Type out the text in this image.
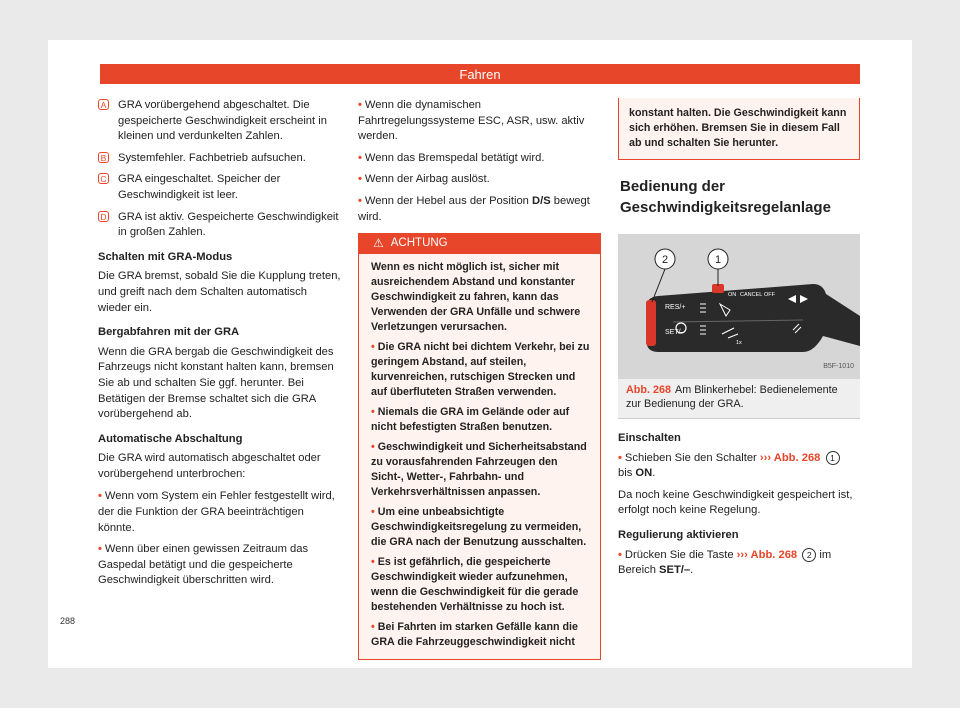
Fahren
A GRA vorübergehend abgeschaltet. Die gespeicherte Geschwindigkeit erscheint in kleinen und verdunkelten Zahlen.
B Systemfehler. Fachbetrieb aufsuchen.
C GRA eingeschaltet. Speicher der Geschwindigkeit ist leer.
D GRA ist aktiv. Gespeicherte Geschwindigkeit in großen Zahlen.
Schalten mit GRA-Modus

Die GRA bremst, sobald Sie die Kupplung treten, und greift nach dem Schalten automatisch wieder ein.

Bergabfahren mit der GRA

Wenn die GRA bergab die Geschwindigkeit des Fahrzeugs nicht konstant halten kann, bremsen Sie ab und schalten Sie ggf. herunter. Bei Betätigen der Bremse schaltet sich die GRA vorübergehend ab.

Automatische Abschaltung

Die GRA wird automatisch abgeschaltet oder vorübergehend unterbrochen:

• Wenn vom System ein Fehler festgestellt wird, der die Funktion der GRA beeinträchtigen könnte.
• Wenn über einen gewissen Zeitraum das Gaspedal betätigt und die gespeicherte Geschwindigkeit überschritten wird.
• Wenn die dynamischen Fahrtregelungssysteme ESC, ASR, usw. aktiv werden.
• Wenn das Bremspedal betätigt wird.
• Wenn der Airbag auslöst.
• Wenn der Hebel aus der Position D/S bewegt wird.
⚠ ACHTUNG

Wenn es nicht möglich ist, sicher mit ausreichendem Abstand und konstanter Geschwindigkeit zu fahren, kann das Verwenden der GRA Unfälle und schwere Verletzungen verursachen.

• Die GRA nicht bei dichtem Verkehr, bei zu geringem Abstand, auf steilen, kurvenreichen, rutschigen Strecken und auf überfluteten Straßen verwenden.

• Niemals die GRA im Gelände oder auf nicht befestigten Straßen benutzen.

• Geschwindigkeit und Sicherheitsabstand zu vorausfahrenden Fahrzeugen den Sicht-, Wetter-, Fahrbahn- und Verkehrsverhältnissen anpassen.

• Um eine unbeabsichtigte Geschwindigkeitsregelung zu vermeiden, die GRA nach der Benutzung ausschalten.

• Es ist gefährlich, die gespeicherte Geschwindigkeit wieder aufzunehmen, wenn die Geschwindigkeit für die gerade bestehenden Verhältnisse zu hoch ist.

• Bei Fahrten im starken Gefälle kann die GRA die Fahrzeuggeschwindigkeit nicht

konstant halten. Die Geschwindigkeit kann sich erhöhen. Bremsen Sie in diesem Fall ab und schalten Sie herunter.
Bedienung der Geschwindigkeitsregelanlage
2	1
RES/+
SET/–
ON CANCEL OFF
1x
B5F-1010
Abb. 268 Am Blinkerhebel: Bedienelemente zur Bedienung der GRA.
Einschalten
• Schieben Sie den Schalter ››› Abb. 268 1
bis ON.

Da noch keine Geschwindigkeit gespeichert ist, erfolgt noch keine Regelung.

Regulierung aktivieren
• Drücken Sie die Taste ››› Abb. 268 2 im Bereich SET/–.
288
